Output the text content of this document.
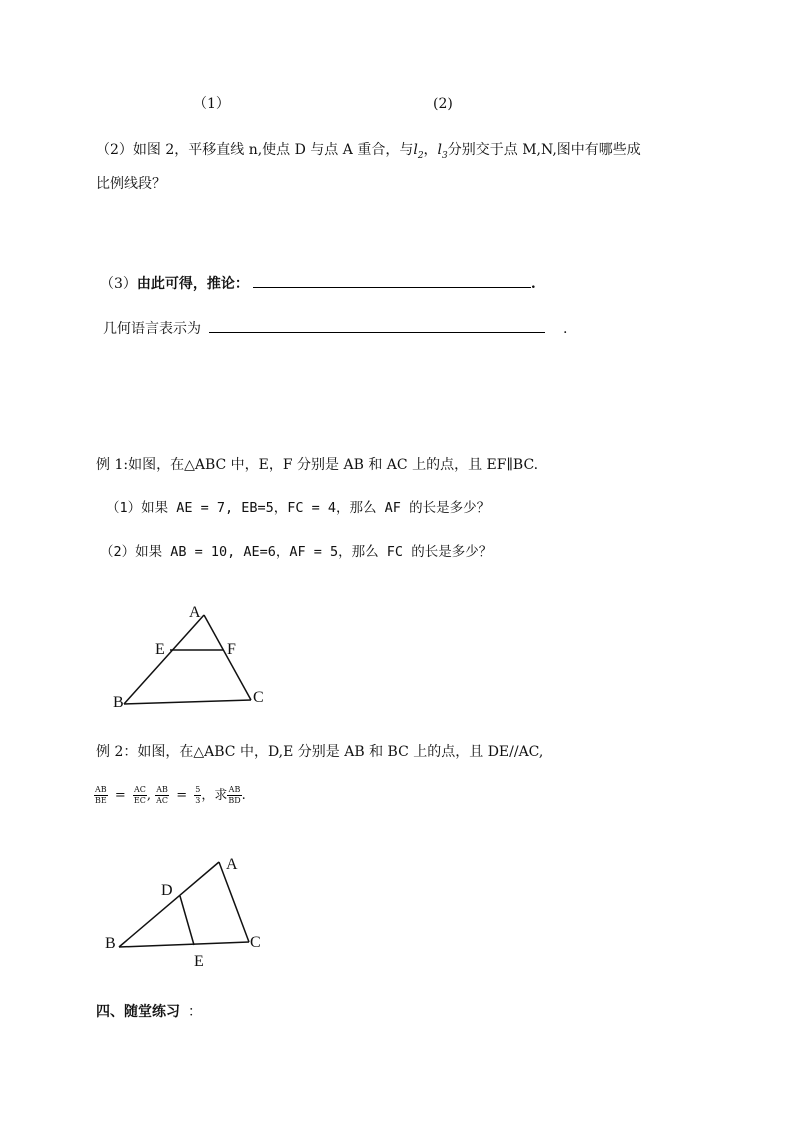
（1）	(2)
（2）如图 2，平移直线 n,使点 D 与点 A 重合，与$l_2$，$l_3$分别交于点 M,N,图中有哪些成
比例线段？
（3）由此可得，推论：	.
几何语言表示为	.
例 1:如图，在△ABC 中，E，F 分别是 AB 和 AC 上的点，且 EF∥BC.
（1）如果 AE = 7, EB=5，FC = 4，那么 AF 的长是多少？
（2）如果 AB = 10, AE=6，AF = 5，那么 FC 的长是多少？
A
E	F
B	C
例 2：如图，在△ABC 中，D,E 分别是 AB 和 BC 上的点，且 DE//AC,
$\frac{AB}{BE} = \frac{AC}{EC}$ , $\frac{AB}{AC} = \frac{5}{3}$ ，求 $\frac{AB}{BD}$ .
A
D
B
E
C
四、随堂练习 ：
